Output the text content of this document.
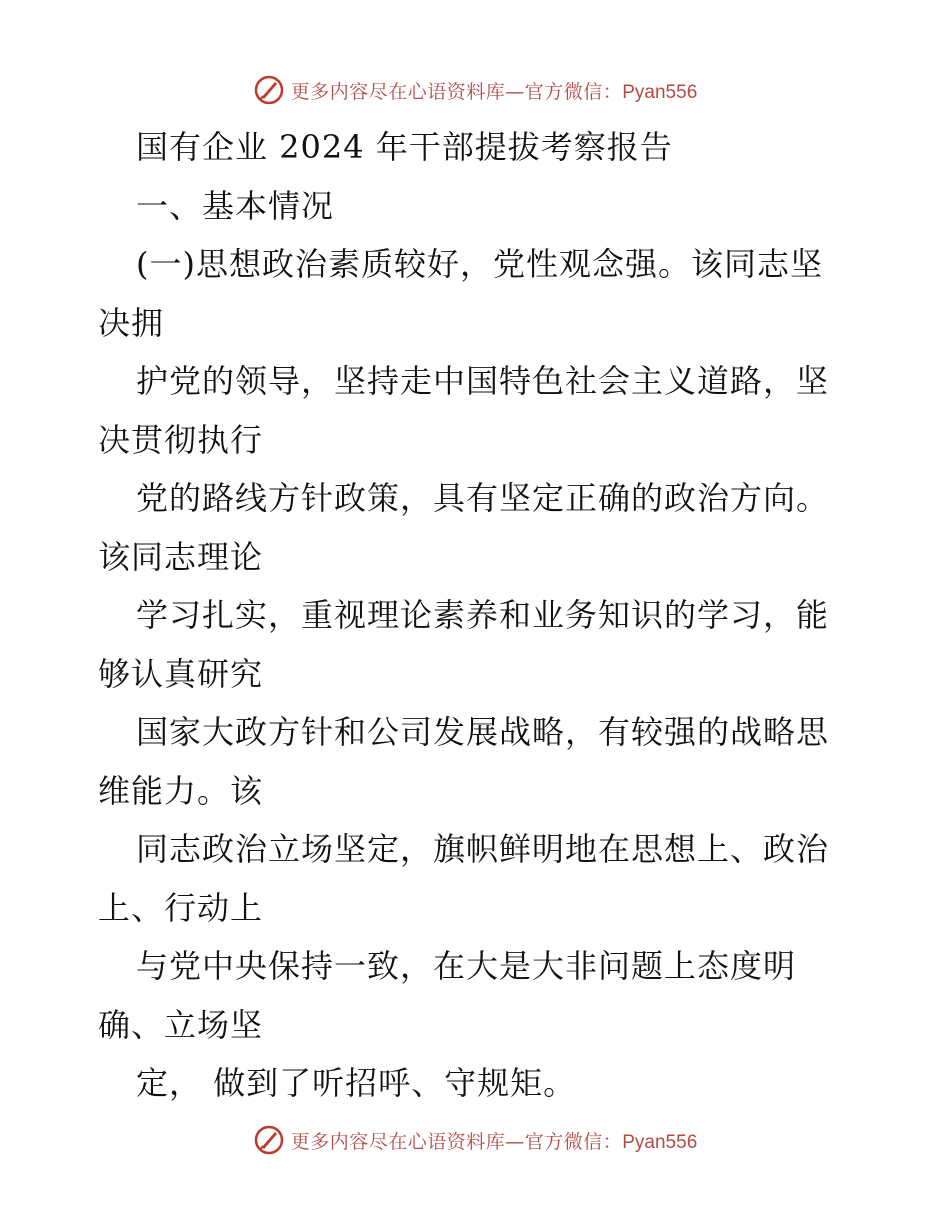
更多内容尽在心语资料库—官方微信：Pyan556
国有企业 2024 年干部提拔考察报告
一、基本情况
(一)思想政治素质较好，党性观念强。该同志坚
决拥
护党的领导，坚持走中国特色社会主义道路，坚
决贯彻执行
党的路线方针政策，具有坚定正确的政治方向。
该同志理论
学习扎实，重视理论素养和业务知识的学习，能
够认真研究
国家大政方针和公司发展战略，有较强的战略思
维能力。该
同志政治立场坚定，旗帜鲜明地在思想上、政治
上、行动上
与党中央保持一致，在大是大非问题上态度明
确、立场坚
定， 做到了听招呼、守规矩。
更多内容尽在心语资料库—官方微信：Pyan556
